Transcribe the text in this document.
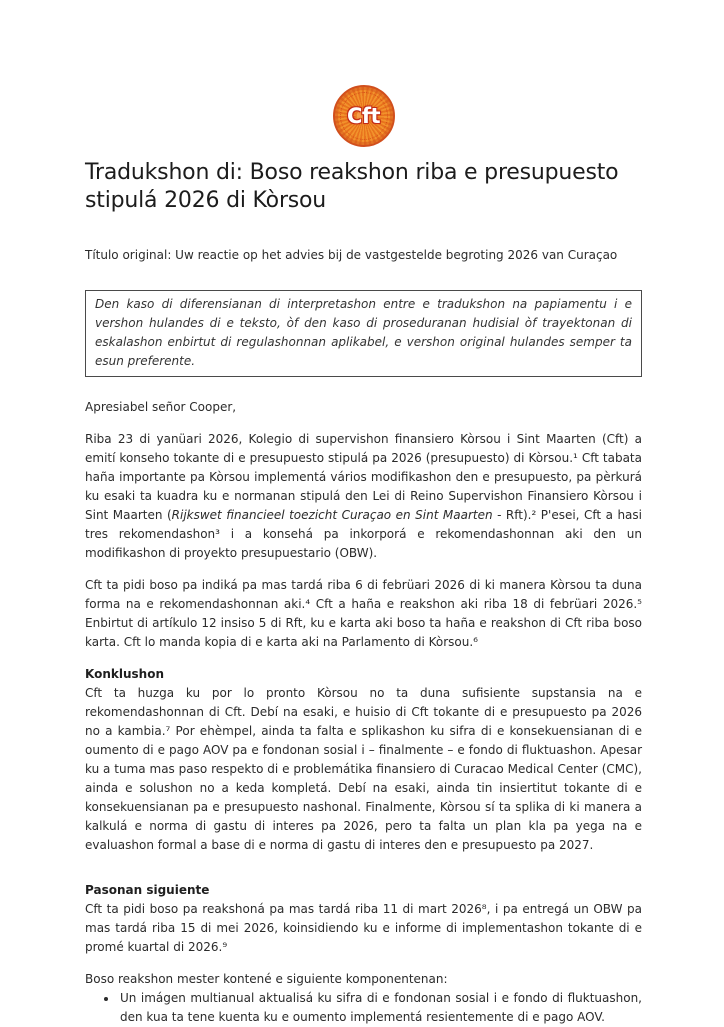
Cft
Tradukshon di: Boso reakshon riba e presupuesto stipulá 2026 di Kòrsou
Título original: Uw reactie op het advies bij de vastgestelde begroting 2026 van Curaçao
Den kaso di diferensianan di interpretashon entre e tradukshon na papiamentu i e vershon hulandes di e teksto, òf den kaso di proseduranan hudisial òf trayektonan di eskalashon enbirtut di regulashonnan aplikabel, e vershon original hulandes semper ta esun preferente.

Apresiabel señor Cooper,

Riba 23 di yanüari 2026, Kolegio di supervishon finansiero Kòrsou i Sint Maarten (Cft) a emití konseho tokante di e presupuesto stipulá pa 2026 (presupuesto) di Kòrsou.¹ Cft tabata haña importante pa Kòrsou implementá vários modifikashon den e presupuesto, pa pèrkurá ku esaki ta kuadra ku e normanan stipulá den Lei di Reino Supervishon Finansiero Kòrsou i Sint Maarten (Rijkswet financieel toezicht Curaçao en Sint Maarten - Rft).² P'esei, Cft a hasi tres rekomendashon³ i a konsehá pa inkorporá e rekomendashonnan aki den un modifikashon di proyekto presupuestario (OBW).

Cft ta pidi boso pa indiká pa mas tardá riba 6 di febrüari 2026 di ki manera Kòrsou ta duna forma na e rekomendashonnan aki.⁴ Cft a haña e reakshon aki riba 18 di febrüari 2026.⁵ Enbirtut di artíkulo 12 insiso 5 di Rft, ku e karta aki boso ta haña e reakshon di Cft riba boso karta. Cft lo manda kopia di e karta aki na Parlamento di Kòrsou.⁶

Konklushon

Cft ta huzga ku por lo pronto Kòrsou no ta duna sufisiente supstansia na e rekomendashonnan di Cft. Debí na esaki, e huisio di Cft tokante di e presupuesto pa 2026 no a kambia.⁷ Por ehèmpel, ainda ta falta e splikashon ku sifra di e konsekuensianan di e oumento di e pago AOV pa e fondonan sosial i – finalmente – e fondo di fluktuashon. Apesar ku a tuma mas paso respekto di e problemátika finansiero di Curacao Medical Center (CMC), ainda e solushon no a keda kompletá. Debí na esaki, ainda tin insiertitut tokante di e konsekuensianan pa e presupuesto nashonal. Finalmente, Kòrsou sí ta splika di ki manera a kalkulá e norma di gastu di interes pa 2026, pero ta falta un plan kla pa yega na e evaluashon formal a base di e norma di gastu di interes den e presupuesto pa 2027.

Pasonan siguiente

Cft ta pidi boso pa reakshoná pa mas tardá riba 11 di mart 2026⁸, i pa entregá un OBW pa mas tardá riba 15 di mei 2026, koinsidiendo ku e informe di implementashon tokante di e promé kuartal di 2026.⁹

Boso reakshon mester kontené e siguiente komponentenan:

• Un imágen multianual aktualisá ku sifra di e fondonan sosial i e fondo di fluktuashon, den kua ta tene kuenta ku e oumento implementá resientemente di e pago AOV.
